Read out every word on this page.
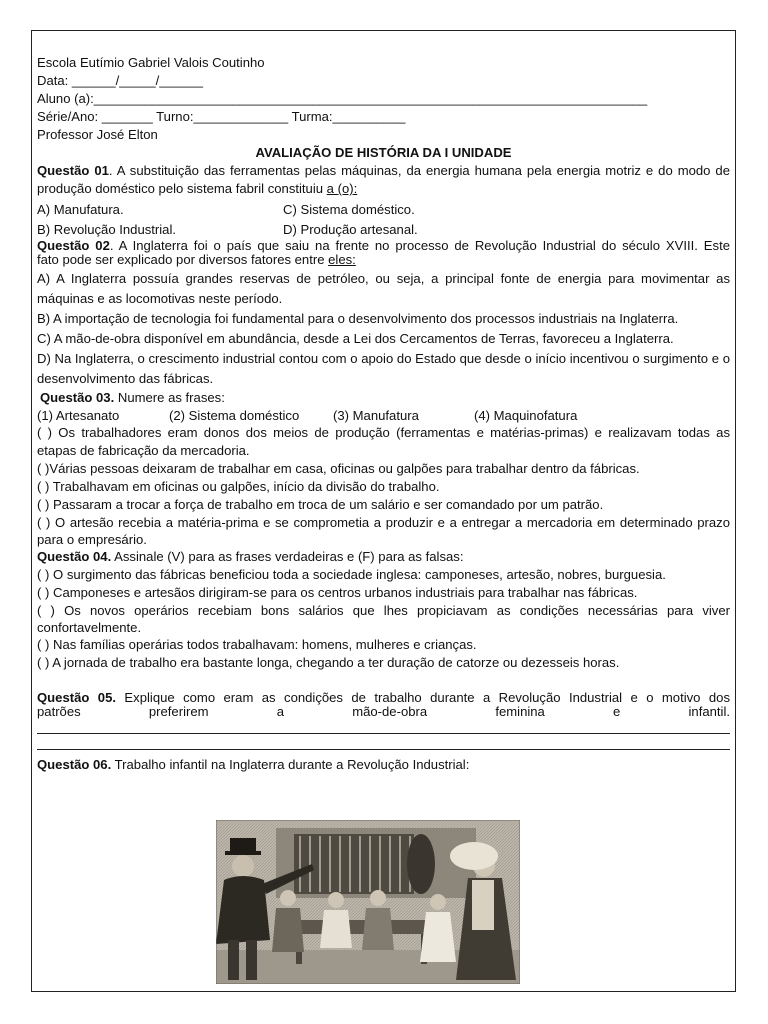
Escola Eutímio Gabriel Valois Coutinho
Data: ______/_____/______
Aluno (a):____________________________________________________________________________
Série/Ano: _______ Turno:_____________ Turma:__________
Professor José Elton
AVALIAÇÃO DE HISTÓRIA DA I UNIDADE
Questão 01. A substituição das ferramentas pelas máquinas, da energia humana pela energia motriz e do modo de produção doméstico pelo sistema fabril constituiu a (o):
A) Manufatura.	C) Sistema doméstico.
B) Revolução Industrial.	D) Produção artesanal.
Questão 02. A Inglaterra foi o país que saiu na frente no processo de Revolução Industrial do século XVIII. Este
fato pode ser explicado por diversos fatores entre eles:
A) A Inglaterra possuía grandes reservas de petróleo, ou seja, a principal fonte de energia para movimentar as máquinas e as locomotivas neste período.
B) A importação de tecnologia foi fundamental para o desenvolvimento dos processos industriais na Inglaterra.
C) A mão-de-obra disponível em abundância, desde a Lei dos Cercamentos de Terras, favoreceu a Inglaterra.
D) Na Inglaterra, o crescimento industrial contou com o apoio do Estado que desde o início incentivou o surgimento e o desenvolvimento das fábricas.
Questão 03. Numere as frases:
(1) Artesanato	(2) Sistema doméstico	(3) Manufatura	(4) Maquinofatura
( ) Os trabalhadores eram donos dos meios de produção (ferramentas e matérias-primas) e realizavam todas as etapas de fabricação da mercadoria.
( )Várias pessoas deixaram de trabalhar em casa, oficinas ou galpões para trabalhar dentro da fábricas.
( ) Trabalhavam em oficinas ou galpões, início da divisão do trabalho.
( ) Passaram a trocar a força de trabalho em troca de um salário e ser comandado por um patrão.
( ) O artesão recebia a matéria-prima e se comprometia a produzir e a entregar a mercadoria em determinado prazo para o empresário.
Questão 04. Assinale (V) para as frases verdadeiras e (F) para as falsas:
( ) O surgimento das fábricas beneficiou toda a sociedade inglesa: camponeses, artesão, nobres, burguesia.
( ) Camponeses e artesãos dirigiram-se para os centros urbanos industriais para trabalhar nas fábricas.
( ) Os novos operários recebiam bons salários que lhes propiciavam as condições necessárias para viver confortavelmente.
( ) Nas famílias operárias todos trabalhavam: homens, mulheres e crianças.
( ) A jornada de trabalho era bastante longa, chegando a ter duração de catorze ou dezesseis horas.
Questão 05. Explique como eram as condições de trabalho durante a Revolução Industrial e o motivo dos
patrões preferirem a mão-de-obra feminina e infantil.
Questão 06. Trabalho infantil na Inglaterra durante a Revolução Industrial:
